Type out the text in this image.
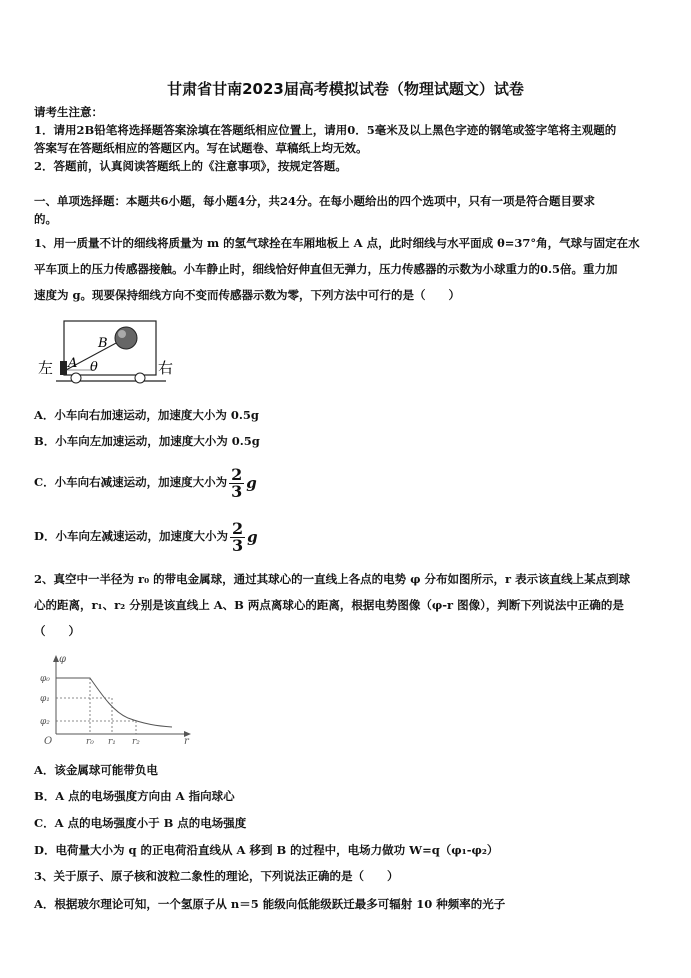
甘肃省甘南2023届高考模拟试卷（物理试题文）试卷
请考生注意：
1．请用2B铅笔将选择题答案涂填在答题纸相应位置上，请用0．5毫米及以上黑色字迹的钢笔或签字笔将主观题的
答案写在答题纸相应的答题区内。写在试题卷、草稿纸上均无效。
2．答题前，认真阅读答题纸上的《注意事项》，按规定答题。
一、单项选择题：本题共6小题，每小题4分，共24分。在每小题给出的四个选项中，只有一项是符合题目要求
的。
1、用一质量不计的细线将质量为 m 的氢气球拴在车厢地板上 A 点，此时细线与水平面成 θ=37°角，气球与固定在水
平车顶上的压力传感器接触。小车静止时，细线恰好伸直但无弹力，压力传感器的示数为小球重力的0.5倍。重力加
速度为 g。现要保持细线方向不变而传感器示数为零，下列方法中可行的是（　　）
左	右
A
B
θ
A．小车向右加速运动，加速度大小为 0.5g
B．小车向左加速运动，加速度大小为 0.5g
C．小车向右减速运动，加速度大小为 $\frac{2}{3}$ g
D．小车向左减速运动，加速度大小为 $\frac{2}{3}$ g
2、真空中一半径为 r₀ 的带电金属球，通过其球心的一直线上各点的电势 φ 分布如图所示，r 表示该直线上某点到球
心的距离，r₁、r₂ 分别是该直线上 A、B 两点离球心的距离，根据电势图像（φ-r 图像），判断下列说法中正确的是
（　　）
φ
r
O
φ₀
φ₁
φ₂
r₀ r₁ r₂
A．该金属球可能带负电
B．A 点的电场强度方向由 A 指向球心
C．A 点的电场强度小于 B 点的电场强度
D．电荷量大小为 q 的正电荷沿直线从 A 移到 B 的过程中，电场力做功 W=q（φ₁-φ₂）
3、关于原子、原子核和波粒二象性的理论，下列说法正确的是（　　）
A．根据玻尔理论可知，一个氢原子从 n＝5 能级向低能级跃迁最多可辐射 10 种频率的光子
